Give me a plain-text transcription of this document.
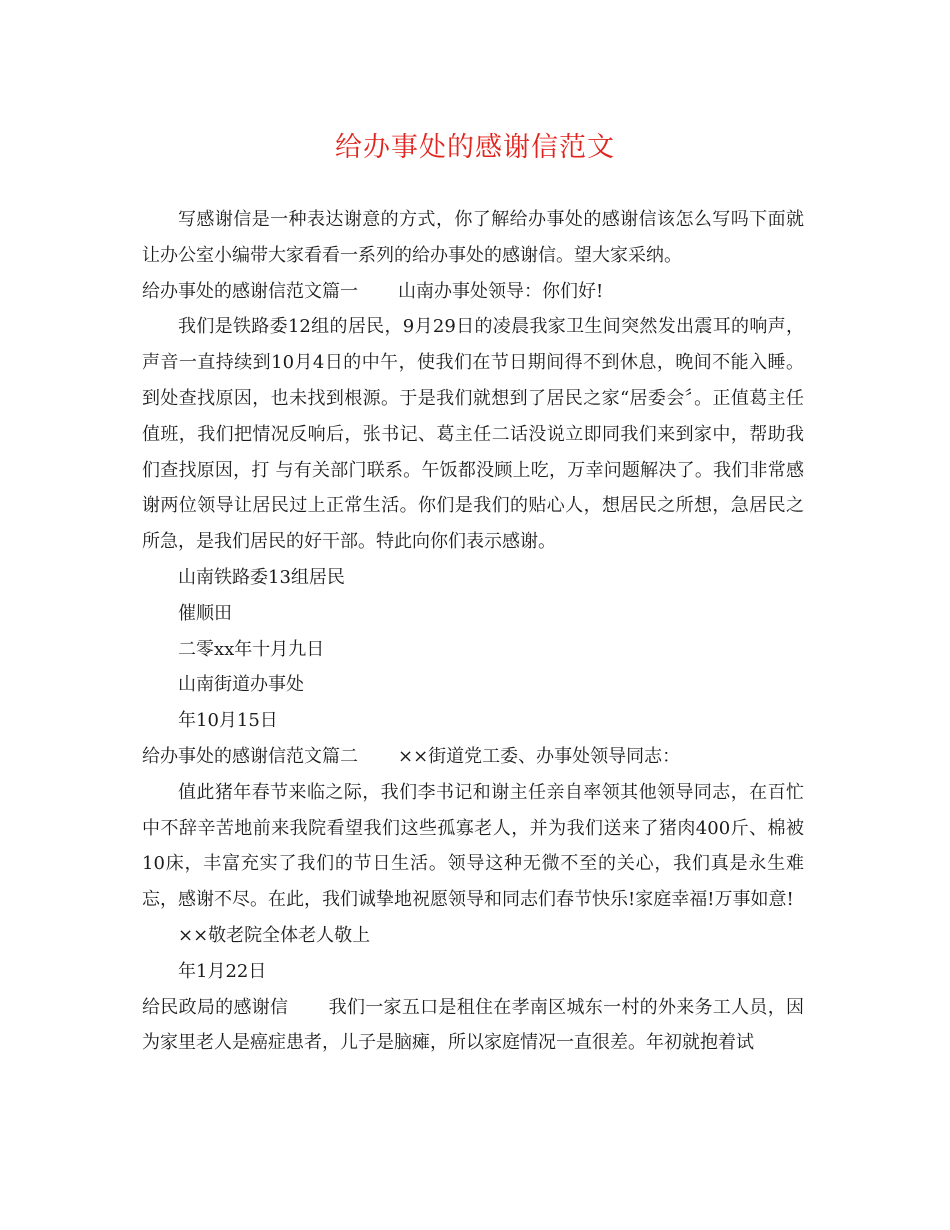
给办事处的感谢信范文

写感谢信是一种表达谢意的方式，你了解给办事处的感谢信该怎么写吗下面就让办公室小编带大家看看一系列的给办事处的感谢信。望大家采纳。

给办事处的感谢信范文篇一 山南办事处领导：你们好!

我们是铁路委12组的居民，9月29日的凌晨我家卫生间突然发出震耳的响声，声音一直持续到10月4日的中午，使我们在节日期间得不到休息，晚间不能入睡。到处查找原因，也未找到根源。于是我们就想到了居民之家“居委会〞。正值葛主任值班，我们把情况反响后，张书记、葛主任二话没说立即同我们来到家中，帮助我们查找原因，打 与有关部门联系。午饭都没顾上吃，万幸问题解决了。我们非常感谢两位领导让居民过上正常生活。你们是我们的贴心人，想居民之所想，急居民之所急，是我们居民的好干部。特此向你们表示感谢。

山南铁路委13组居民

催顺田

二零xx年十月九日

山南街道办事处

年10月15日

给办事处的感谢信范文篇二 ××街道党工委、办事处领导同志：

值此猪年春节来临之际，我们李书记和谢主任亲自率领其他领导同志，在百忙中不辞辛苦地前来我院看望我们这些孤寡老人，并为我们送来了猪肉400斤、棉被10床，丰富充实了我们的节日生活。领导这种无微不至的关心，我们真是永生难忘，感谢不尽。在此，我们诚挚地祝愿领导和同志们春节快乐!家庭幸福!万事如意!

××敬老院全体老人敬上

年1月22日

给民政局的感谢信 我们一家五口是租住在孝南区城东一村的外来务工人员，因为家里老人是癌症患者，儿子是脑瘫，所以家庭情况一直很差。年初就抱着试
